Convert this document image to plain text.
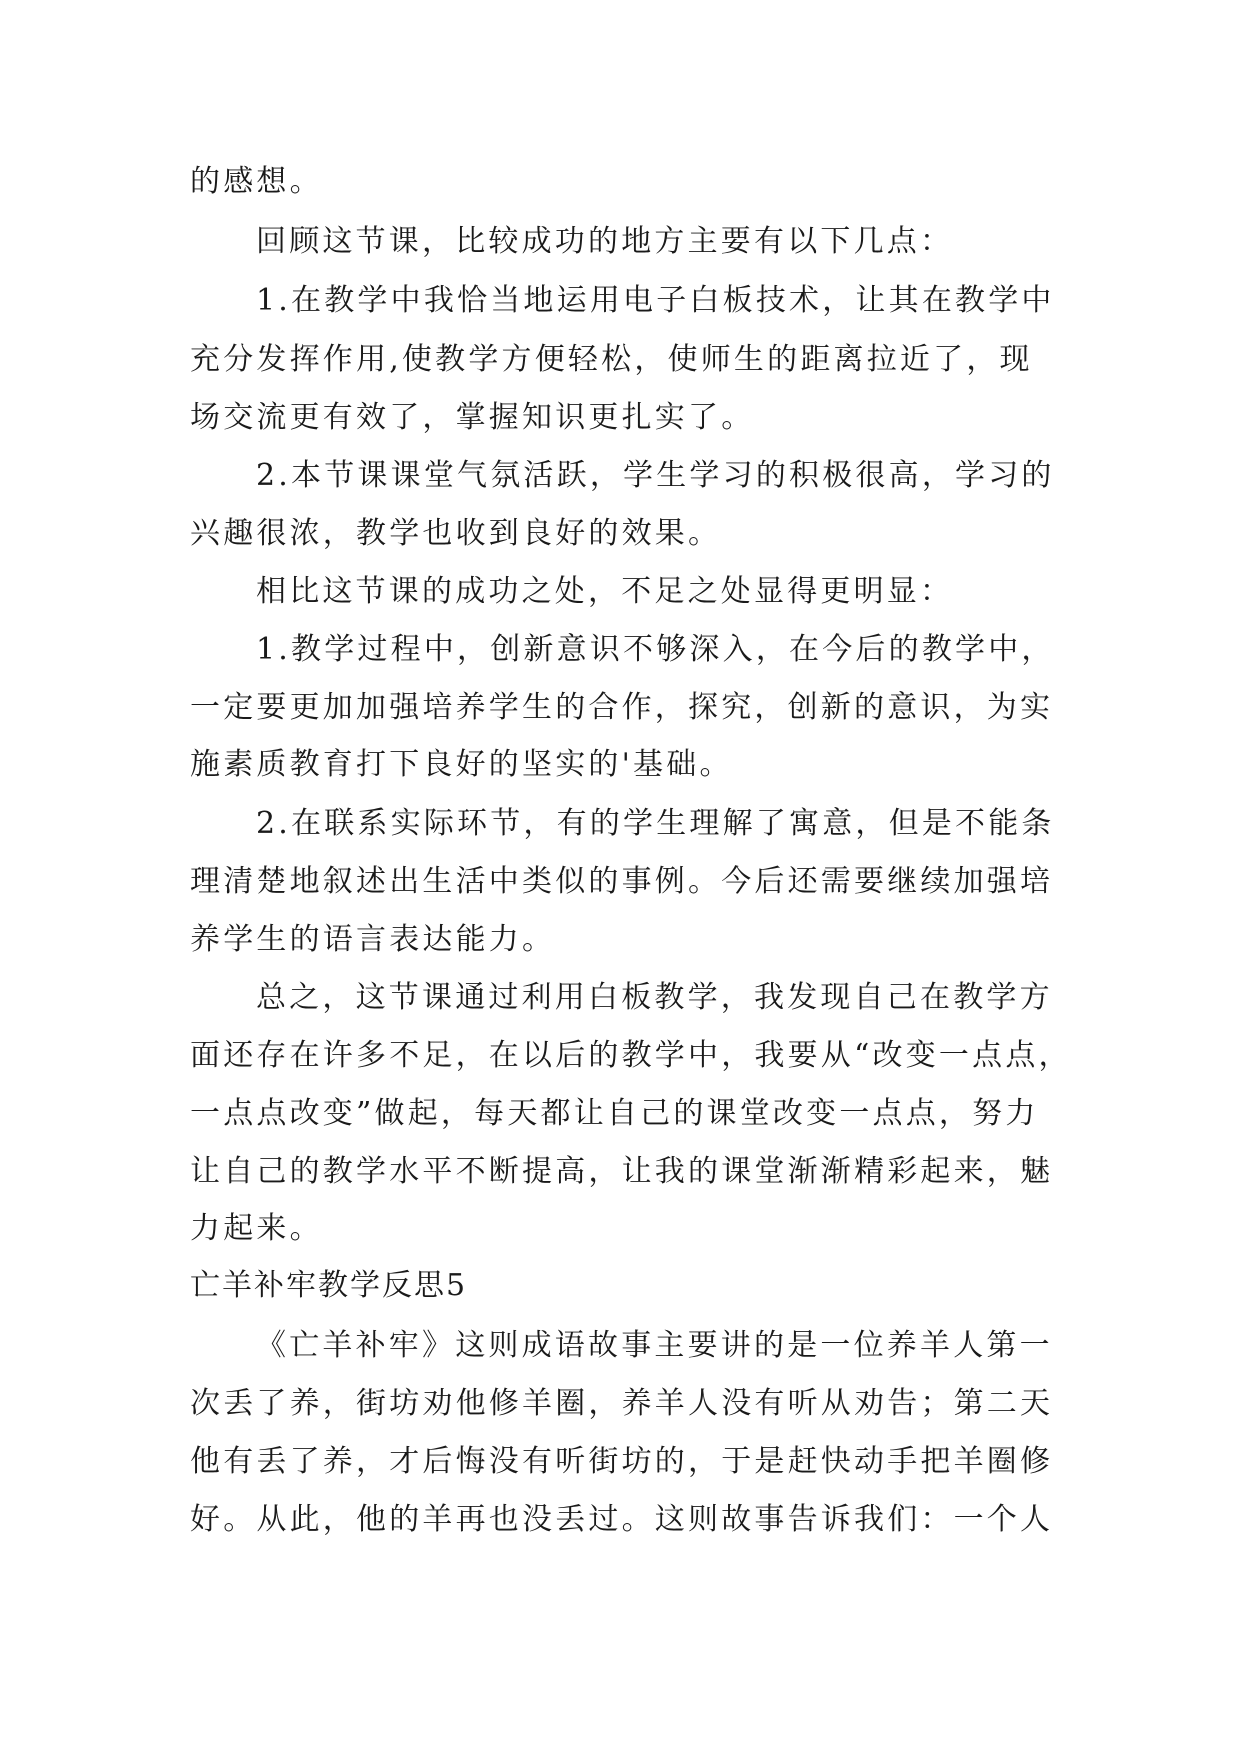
的感想。
回顾这节课，比较成功的地方主要有以下几点：
1.在教学中我恰当地运用电子白板技术，让其在教学中
充分发挥作用,使教学方便轻松，使师生的距离拉近了，现
场交流更有效了，掌握知识更扎实了。
2.本节课课堂气氛活跃，学生学习的积极很高，学习的
兴趣很浓，教学也收到良好的效果。
相比这节课的成功之处，不足之处显得更明显：
1.教学过程中，创新意识不够深入，在今后的教学中，
一定要更加加强培养学生的合作，探究，创新的意识，为实
施素质教育打下良好的坚实的'基础。
2.在联系实际环节，有的学生理解了寓意，但是不能条
理清楚地叙述出生活中类似的事例。今后还需要继续加强培
养学生的语言表达能力。
总之，这节课通过利用白板教学，我发现自己在教学方
面还存在许多不足，在以后的教学中，我要从“改变一点点，
一点点改变”做起，每天都让自己的课堂改变一点点，努力
让自己的教学水平不断提高，让我的课堂渐渐精彩起来，魅
力起来。
亡羊补牢教学反思5
《亡羊补牢》这则成语故事主要讲的是一位养羊人第一
次丢了养，街坊劝他修羊圈，养羊人没有听从劝告；第二天
他有丢了养，才后悔没有听街坊的，于是赶快动手把羊圈修
好。从此，他的羊再也没丢过。这则故事告诉我们：一个人
